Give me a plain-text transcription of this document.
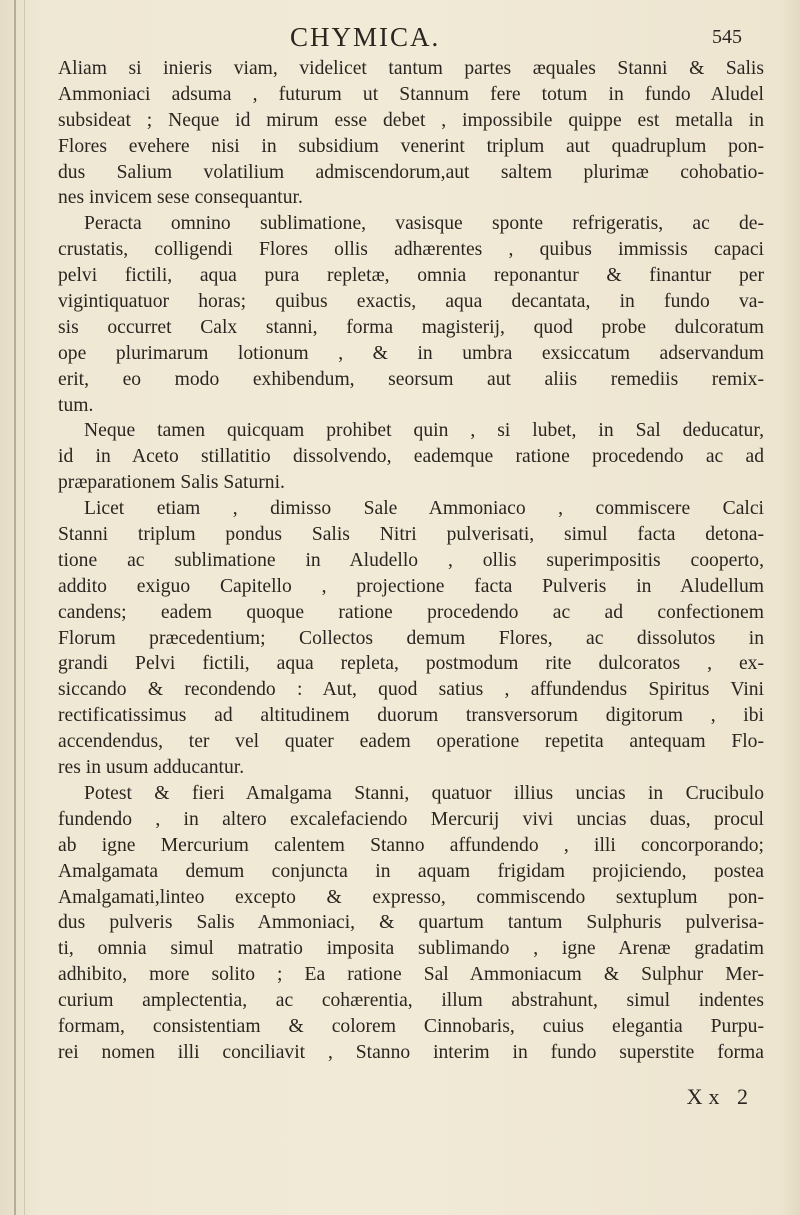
CHYMICA.	545
Aliam si inieris viam, videlicet tantum partes æquales Stanni & Salis
Ammoniaci adsuma , futurum ut Stannum fere totum in fundo Aludel
subsideat ; Neque id mirum esse debet , impossibile quippe est metalla in
Flores evehere nisi in subsidium venerint triplum aut quadruplum pon-
dus Salium volatilium admiscendorum,aut saltem plurimæ cohobatio-
nes invicem sese consequantur.
Peracta omnino sublimatione, vasisque sponte refrigeratis, ac de-
crustatis, colligendi Flores ollis adhærentes , quibus immissis capaci
pelvi fictili, aqua pura repletæ, omnia reponantur & finantur per
vigintiquatuor horas; quibus exactis, aqua decantata, in fundo va-
sis occurret Calx stanni, forma magisterij, quod probe dulcoratum
ope plurimarum lotionum , & in umbra exsiccatum adservandum
erit, eo modo exhibendum, seorsum aut aliis remediis remix-
tum.
Neque tamen quicquam prohibet quin , si lubet, in Sal deducatur,
id in Aceto stillatitio dissolvendo, eademque ratione procedendo ac ad
præparationem Salis Saturni.
Licet etiam , dimisso Sale Ammoniaco , commiscere Calci
Stanni triplum pondus Salis Nitri pulverisati, simul facta detona-
tione ac sublimatione in Aludello , ollis superimpositis cooperto,
addito exiguo Capitello , projectione facta Pulveris in Aludellum
candens; eadem quoque ratione procedendo ac ad confectionem
Florum præcedentium; Collectos demum Flores, ac dissolutos in
grandi Pelvi fictili, aqua repleta, postmodum rite dulcoratos , ex-
siccando & recondendo : Aut, quod satius , affundendus Spiritus Vini
rectificatissimus ad altitudinem duorum transversorum digitorum , ibi
accendendus, ter vel quater eadem operatione repetita antequam Flo-
res in usum adducantur.
Potest & fieri Amalgama Stanni, quatuor illius uncias in Crucibulo
fundendo , in altero excalefaciendo Mercurij vivi uncias duas, procul
ab igne Mercurium calentem Stanno affundendo , illi concorporando;
Amalgamata demum conjuncta in aquam frigidam projiciendo, postea
Amalgamati,linteo excepto & expresso, commiscendo sextuplum pon-
dus pulveris Salis Ammoniaci, & quartum tantum Sulphuris pulverisa-
ti, omnia simul matratio imposita sublimando , igne Arenæ gradatim
adhibito, more solito ; Ea ratione Sal Ammoniacum & Sulphur Mer-
curium amplectentia, ac cohærentia, illum abstrahunt, simul indentes
formam, consistentiam & colorem Cinnobaris, cuius elegantia Purpu-
rei nomen illi conciliavit , Stanno interim in fundo superstite forma
Xx 2
